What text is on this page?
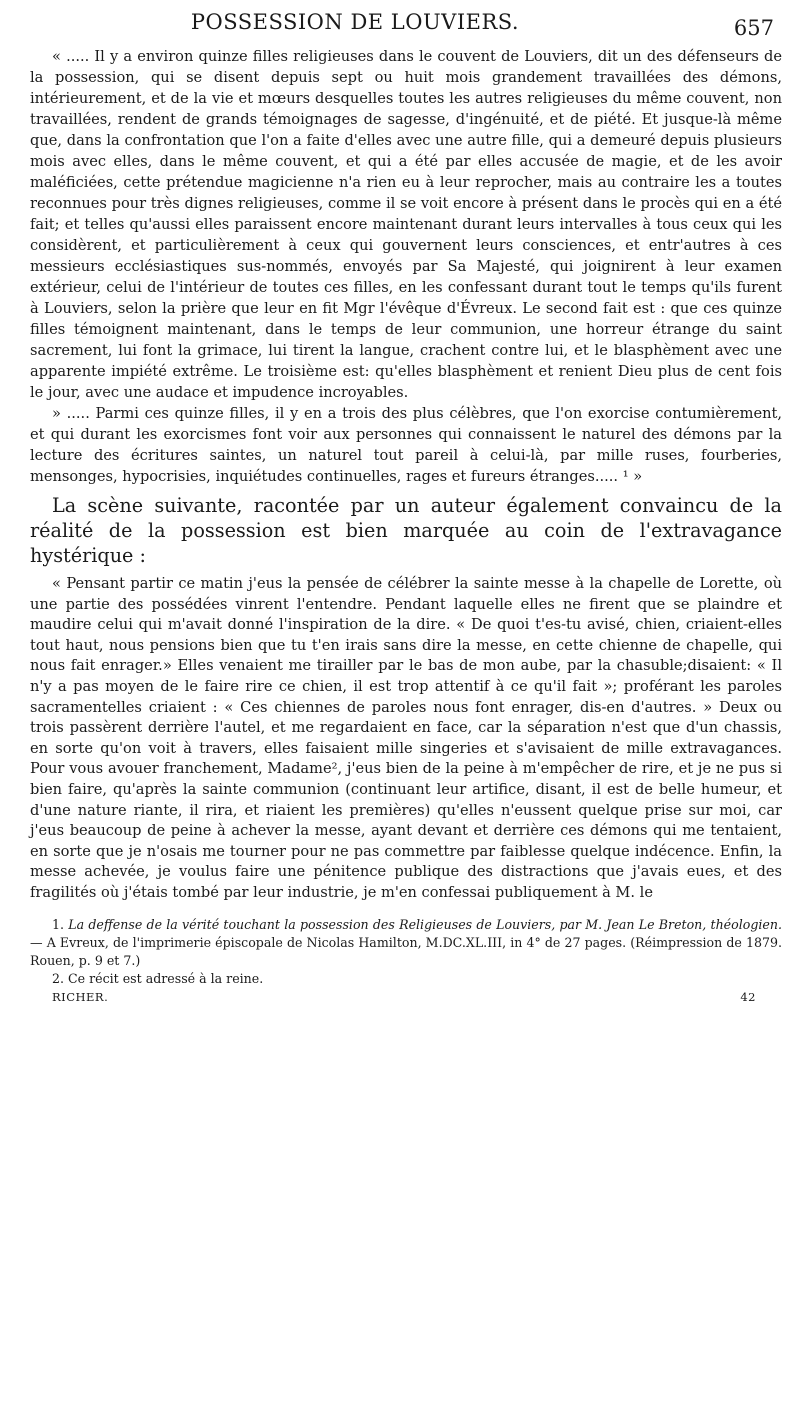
POSSESSION DE LOUVIERS.	657

« ..... Il y a environ quinze filles religieuses dans le couvent de Louviers, dit un des défenseurs de la possession, qui se disent depuis sept ou huit mois grandement travaillées des démons, intérieurement, et de la vie et mœurs desquelles toutes les autres religieuses du même couvent, non travaillées, rendent de grands témoignages de sagesse, d'ingénuité, et de piété. Et jusque-là même que, dans la confrontation que l'on a faite d'elles avec une autre fille, qui a demeuré depuis plusieurs mois avec elles, dans le même couvent, et qui a été par elles accusée de magie, et de les avoir maléficiées, cette prétendue magicienne n'a rien eu à leur reprocher, mais au contraire les a toutes reconnues pour très dignes religieuses, comme il se voit encore à présent dans le procès qui en a été fait; et telles qu'aussi elles paraissent encore maintenant durant leurs intervalles à tous ceux qui les considèrent, et particulièrement à ceux qui gouvernent leurs consciences, et entr'autres à ces messieurs ecclésiastiques sus-nommés, envoyés par Sa Majesté, qui joignirent à leur examen extérieur, celui de l'intérieur de toutes ces filles, en les confessant durant tout le temps qu'ils furent à Louviers, selon la prière que leur en fit Mgr l'évêque d'Évreux. Le second fait est : que ces quinze filles témoignent maintenant, dans le temps de leur communion, une horreur étrange du saint sacrement, lui font la grimace, lui tirent la langue, crachent contre lui, et le blasphèment avec une apparente impiété extrême. Le troisième est: qu'elles blasphèment et renient Dieu plus de cent fois le jour, avec une audace et impudence incroyables.

» ..... Parmi ces quinze filles, il y en a trois des plus célèbres, que l'on exorcise contumièrement, et qui durant les exorcismes font voir aux personnes qui connaissent le naturel des démons par la lecture des écritures saintes, un naturel tout pareil à celui-là, par mille ruses, fourberies, mensonges, hypocrisies, inquiétudes continuelles, rages et fureurs étranges..... ¹ »

La scène suivante, racontée par un auteur également convaincu de la réalité de la possession est bien marquée au coin de l'extravagance hystérique :

« Pensant partir ce matin j'eus la pensée de célébrer la sainte messe à la chapelle de Lorette, où une partie des possédées vinrent l'entendre. Pendant laquelle elles ne firent que se plaindre et maudire celui qui m'avait donné l'inspiration de la dire. « De quoi t'es-tu avisé, chien, criaient-elles tout haut, nous pensions bien que tu t'en irais sans dire la messe, en cette chienne de chapelle, qui nous fait enrager.» Elles venaient me tirailler par le bas de mon aube, par la chasuble;disaient: « Il n'y a pas moyen de le faire rire ce chien, il est trop attentif à ce qu'il fait »; proférant les paroles sacramentelles criaient : « Ces chiennes de paroles nous font enrager, dis-en d'autres. » Deux ou trois passèrent derrière l'autel, et me regardaient en face, car la séparation n'est que d'un chassis, en sorte qu'on voit à travers, elles faisaient mille singeries et s'avisaient de mille extravagances. Pour vous avouer franchement, Madame², j'eus bien de la peine à m'empêcher de rire, et je ne pus si bien faire, qu'après la sainte communion (continuant leur artifice, disant, il est de belle humeur, et d'une nature riante, il rira, et riaient les premières) qu'elles n'eussent quelque prise sur moi, car j'eus beaucoup de peine à achever la messe, ayant devant et derrière ces démons qui me tentaient, en sorte que je n'osais me tourner pour ne pas commettre par faiblesse quelque indécence. Enfin, la messe achevée, je voulus faire une pénitence publique des distractions que j'avais eues, et des fragilités où j'étais tombé par leur industrie, je m'en confessai publiquement à M. le

1. La deffense de la vérité touchant la possession des Religieuses de Louviers, par M. Jean Le Breton, théologien. — A Evreux, de l'imprimerie épiscopale de Nicolas Hamilton, M.DC.XL.III, in 4° de 27 pages. (Réimpression de 1879. Rouen, p. 9 et 7.)

2. Ce récit est adressé à la reine.

RICHER.	42
